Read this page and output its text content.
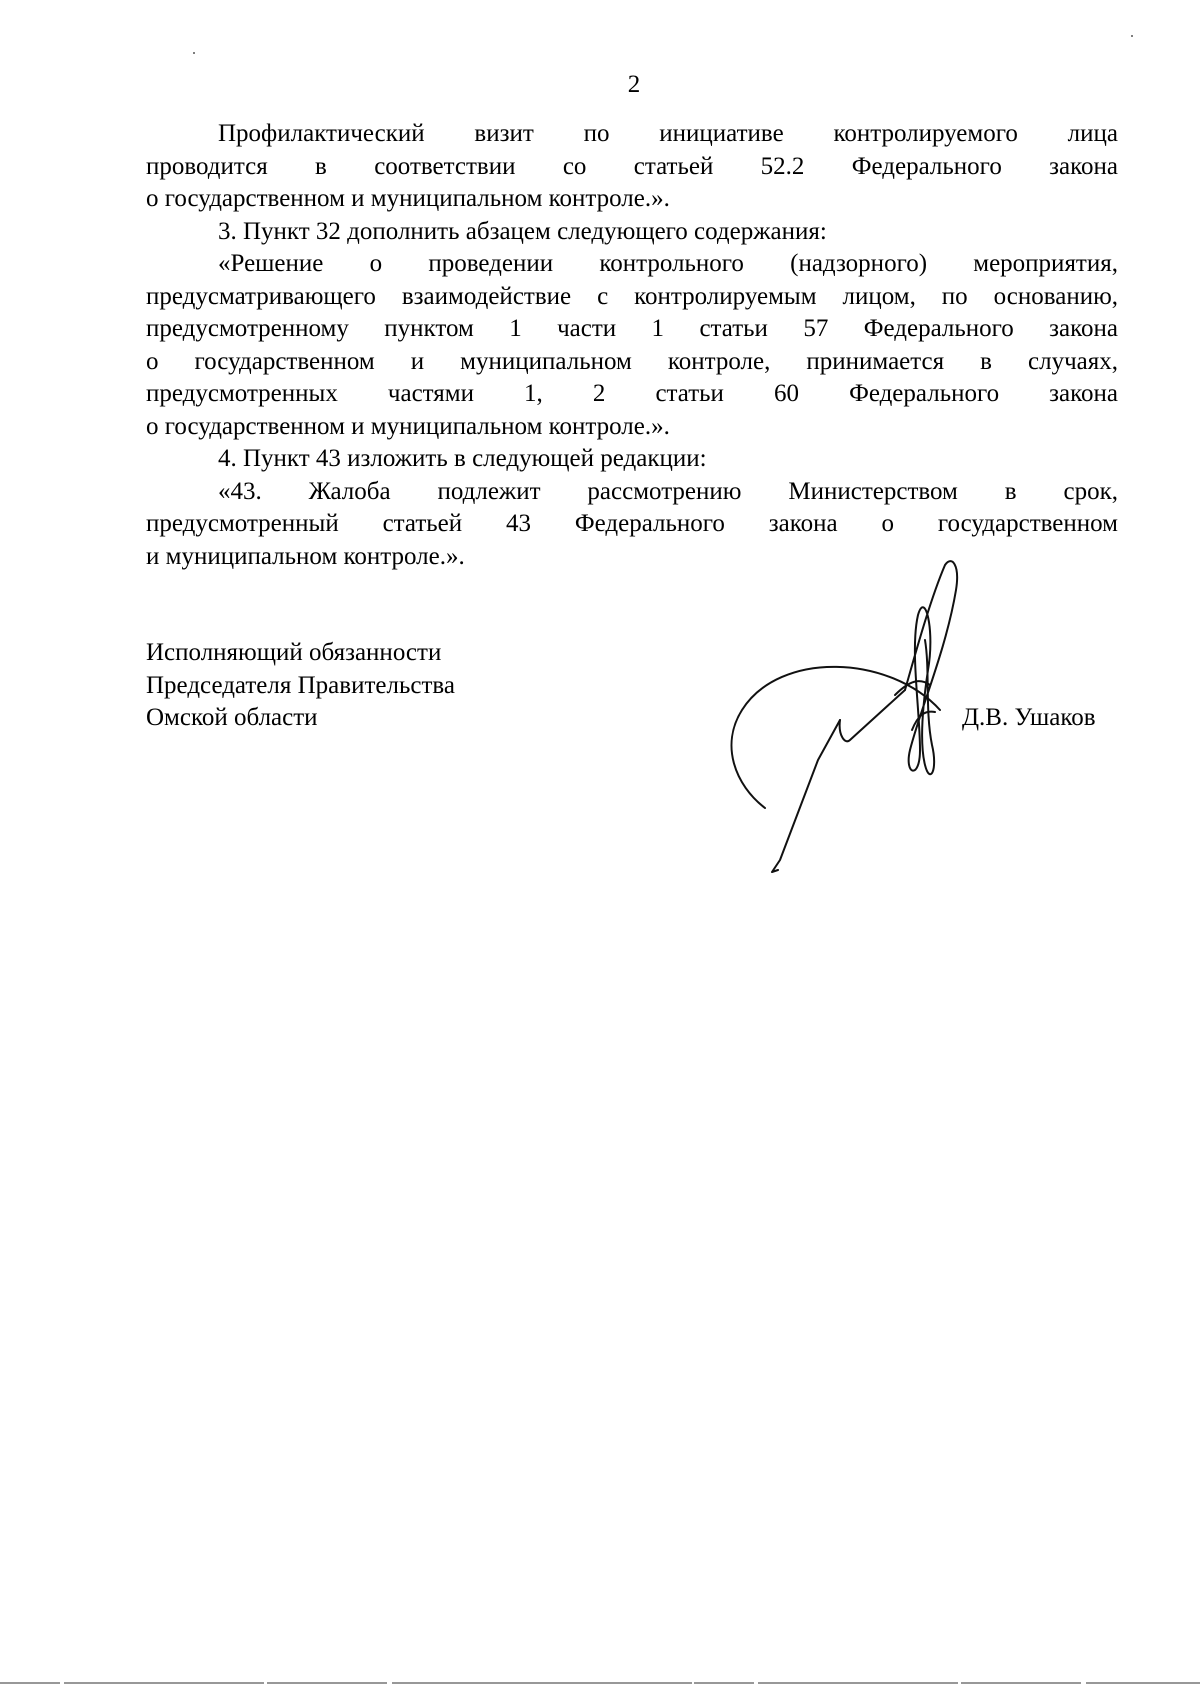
2

Профилактический визит по инициативе контролируемого лица
проводится в соответствии со статьей 52.2 Федерального закона
о государственном и муниципальном контроле.».

3. Пункт 32 дополнить абзацем следующего содержания:

«Решение о проведении контрольного (надзорного) мероприятия,
предусматривающего взаимодействие с контролируемым лицом, по основанию,
предусмотренному пунктом 1 части 1 статьи 57 Федерального закона
о государственном и муниципальном контроле, принимается в случаях,
предусмотренных частями 1, 2 статьи 60 Федерального закона
о государственном и муниципальном контроле.».

4. Пункт 43 изложить в следующей редакции:

«43. Жалоба подлежит рассмотрению Министерством в срок,
предусмотренный статьей 43 Федерального закона о государственном
и муниципальном контроле.».

Исполняющий обязанности
Председателя Правительства
Омской области	Д.В. Ушаков
